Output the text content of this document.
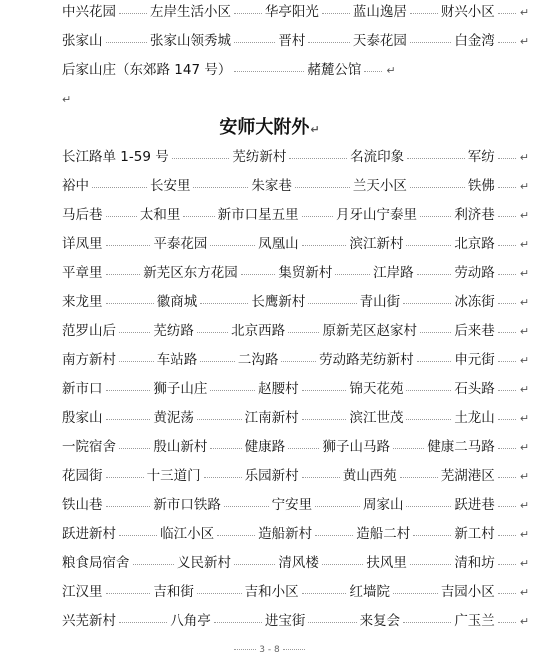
中兴花园	左岸生活小区	华亭阳光	蓝山逸居	财兴小区 ↵
张家山	张家山领秀城	晋村	天泰花园	白金湾 ↵
后家山庄（东郊路 147 号）	赭麓公馆 ↵
↵
安师大附外↵
长江路单 1-59 号	芜纺新村	名流印象	军纺 ↵
裕中	长安里	朱家巷	兰天小区	铁佛 ↵
马后巷	太和里	新市口星五里	月牙山宁泰里	利济巷 ↵
详凤里	平泰花园	凤凰山	滨江新村	北京路 ↵
平章里	新芜区东方花园	集贸新村	江岸路	劳动路 ↵
来龙里	徽商城	长鹰新村	青山街	冰冻街 ↵
范罗山后	芜纺路	北京西路	原新芜区赵家村	后来巷 ↵
南方新村	车站路	二沟路	劳动路芜纺新村	申元街 ↵
新市口	狮子山庄	赵腰村	锦天花苑	石头路 ↵
殷家山	黄泥荡	江南新村	滨江世茂	土龙山 ↵
一院宿舍	殷山新村	健康路	狮子山马路	健康二马路 ↵
花园街	十三道门	乐园新村	黄山西苑	芜湖港区 ↵
铁山巷	新市口铁路	宁安里	周家山	跃进巷 ↵
跃进新村	临江小区	造船新村	造船二村	新工村 ↵
粮食局宿舍	义民新村	清风楼	扶风里	清和坊 ↵
江汉里	吉和街	吉和小区	红墙院	吉园小区 ↵
兴芜新村	八角亭	进宝街	来复会	广玉兰 ↵
3 - 8
